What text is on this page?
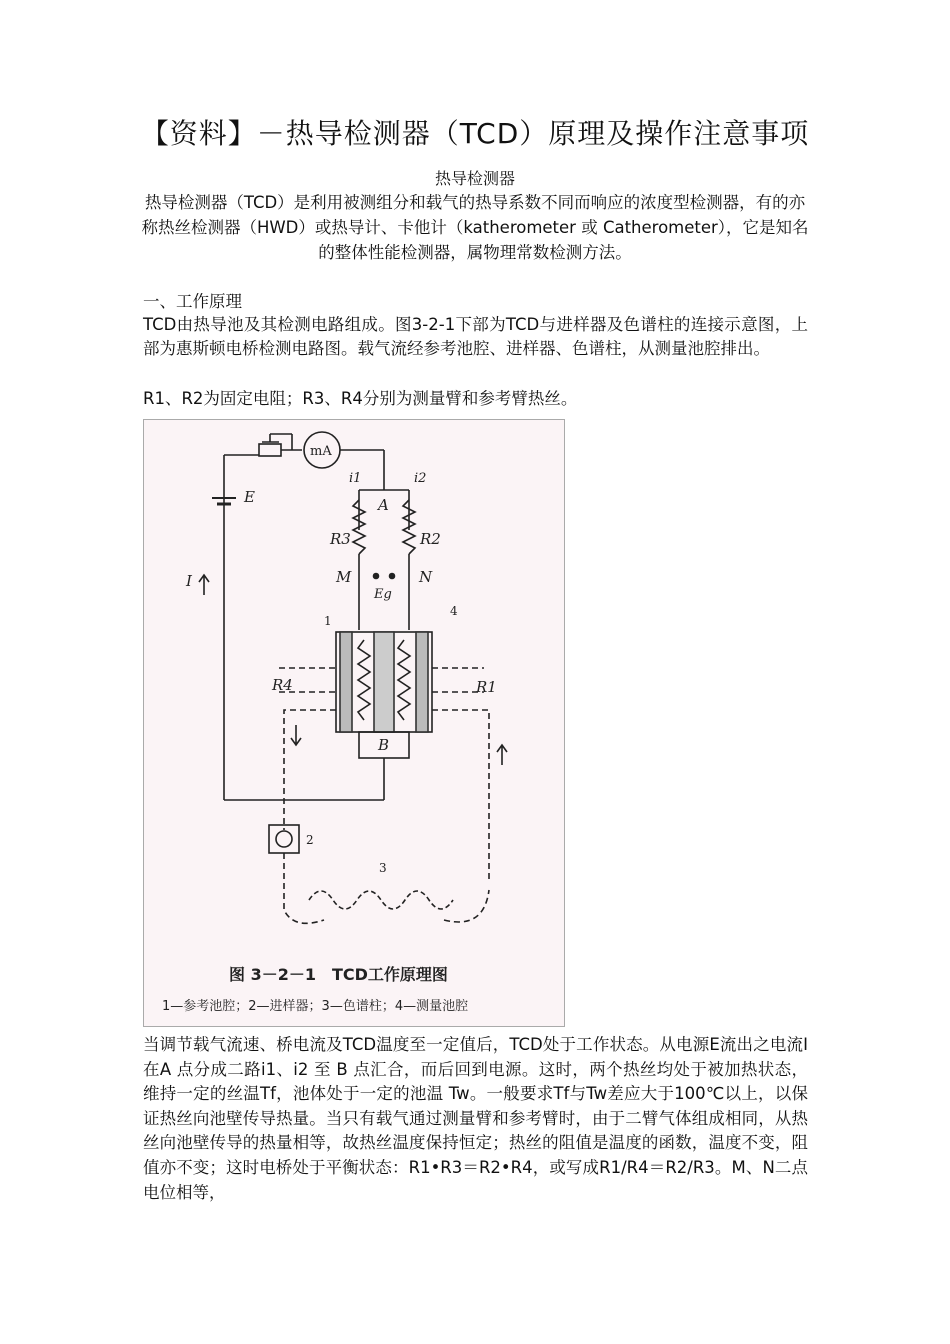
【资料】－热导检测器（TCD）原理及操作注意事项
热导检测器
热导检测器（TCD）是利用被测组分和载气的热导系数不同而响应的浓度型检测器，有的亦称热丝检测器（HWD）或热导计、卡他计（katherometer 或 Catherometer），它是知名的整体性能检测器，属物理常数检测方法。
一、工作原理
TCD由热导池及其检测电路组成。图3-2-1下部为TCD与进样器及色谱柱的连接示意图，上部为惠斯顿电桥检测电路图。载气流经参考池腔、进样器、色谱柱，从测量池腔排出。
R1、R2为固定电阻；R3、R4分别为测量臂和参考臂热丝。
mA
E
I
i1	i2
A
R3	R2
M	N
Eg
1
4
R4	R1
B
2
3
图 3－2－1　TCD工作原理图
1—参考池腔；2—进样器；3—色谱柱；4—测量池腔
当调节载气流速、桥电流及TCD温度至一定值后，TCD处于工作状态。从电源E流出之电流I 在A 点分成二路i1、i2 至 B 点汇合，而后回到电源。这时，两个热丝均处于被加热状态，维持一定的丝温Tf，池体处于一定的池温 Tw。一般要求Tf与Tw差应大于100℃以上，以保证热丝向池壁传导热量。当只有载气通过测量臂和参考臂时，由于二臂气体组成相同，从热丝向池壁传导的热量相等，故热丝温度保持恒定；热丝的阻值是温度的函数，温度不变，阻值亦不变；这时电桥处于平衡状态：R1•R3＝R2•R4，或写成R1/R4＝R2/R3。M、N二点电位相等，
